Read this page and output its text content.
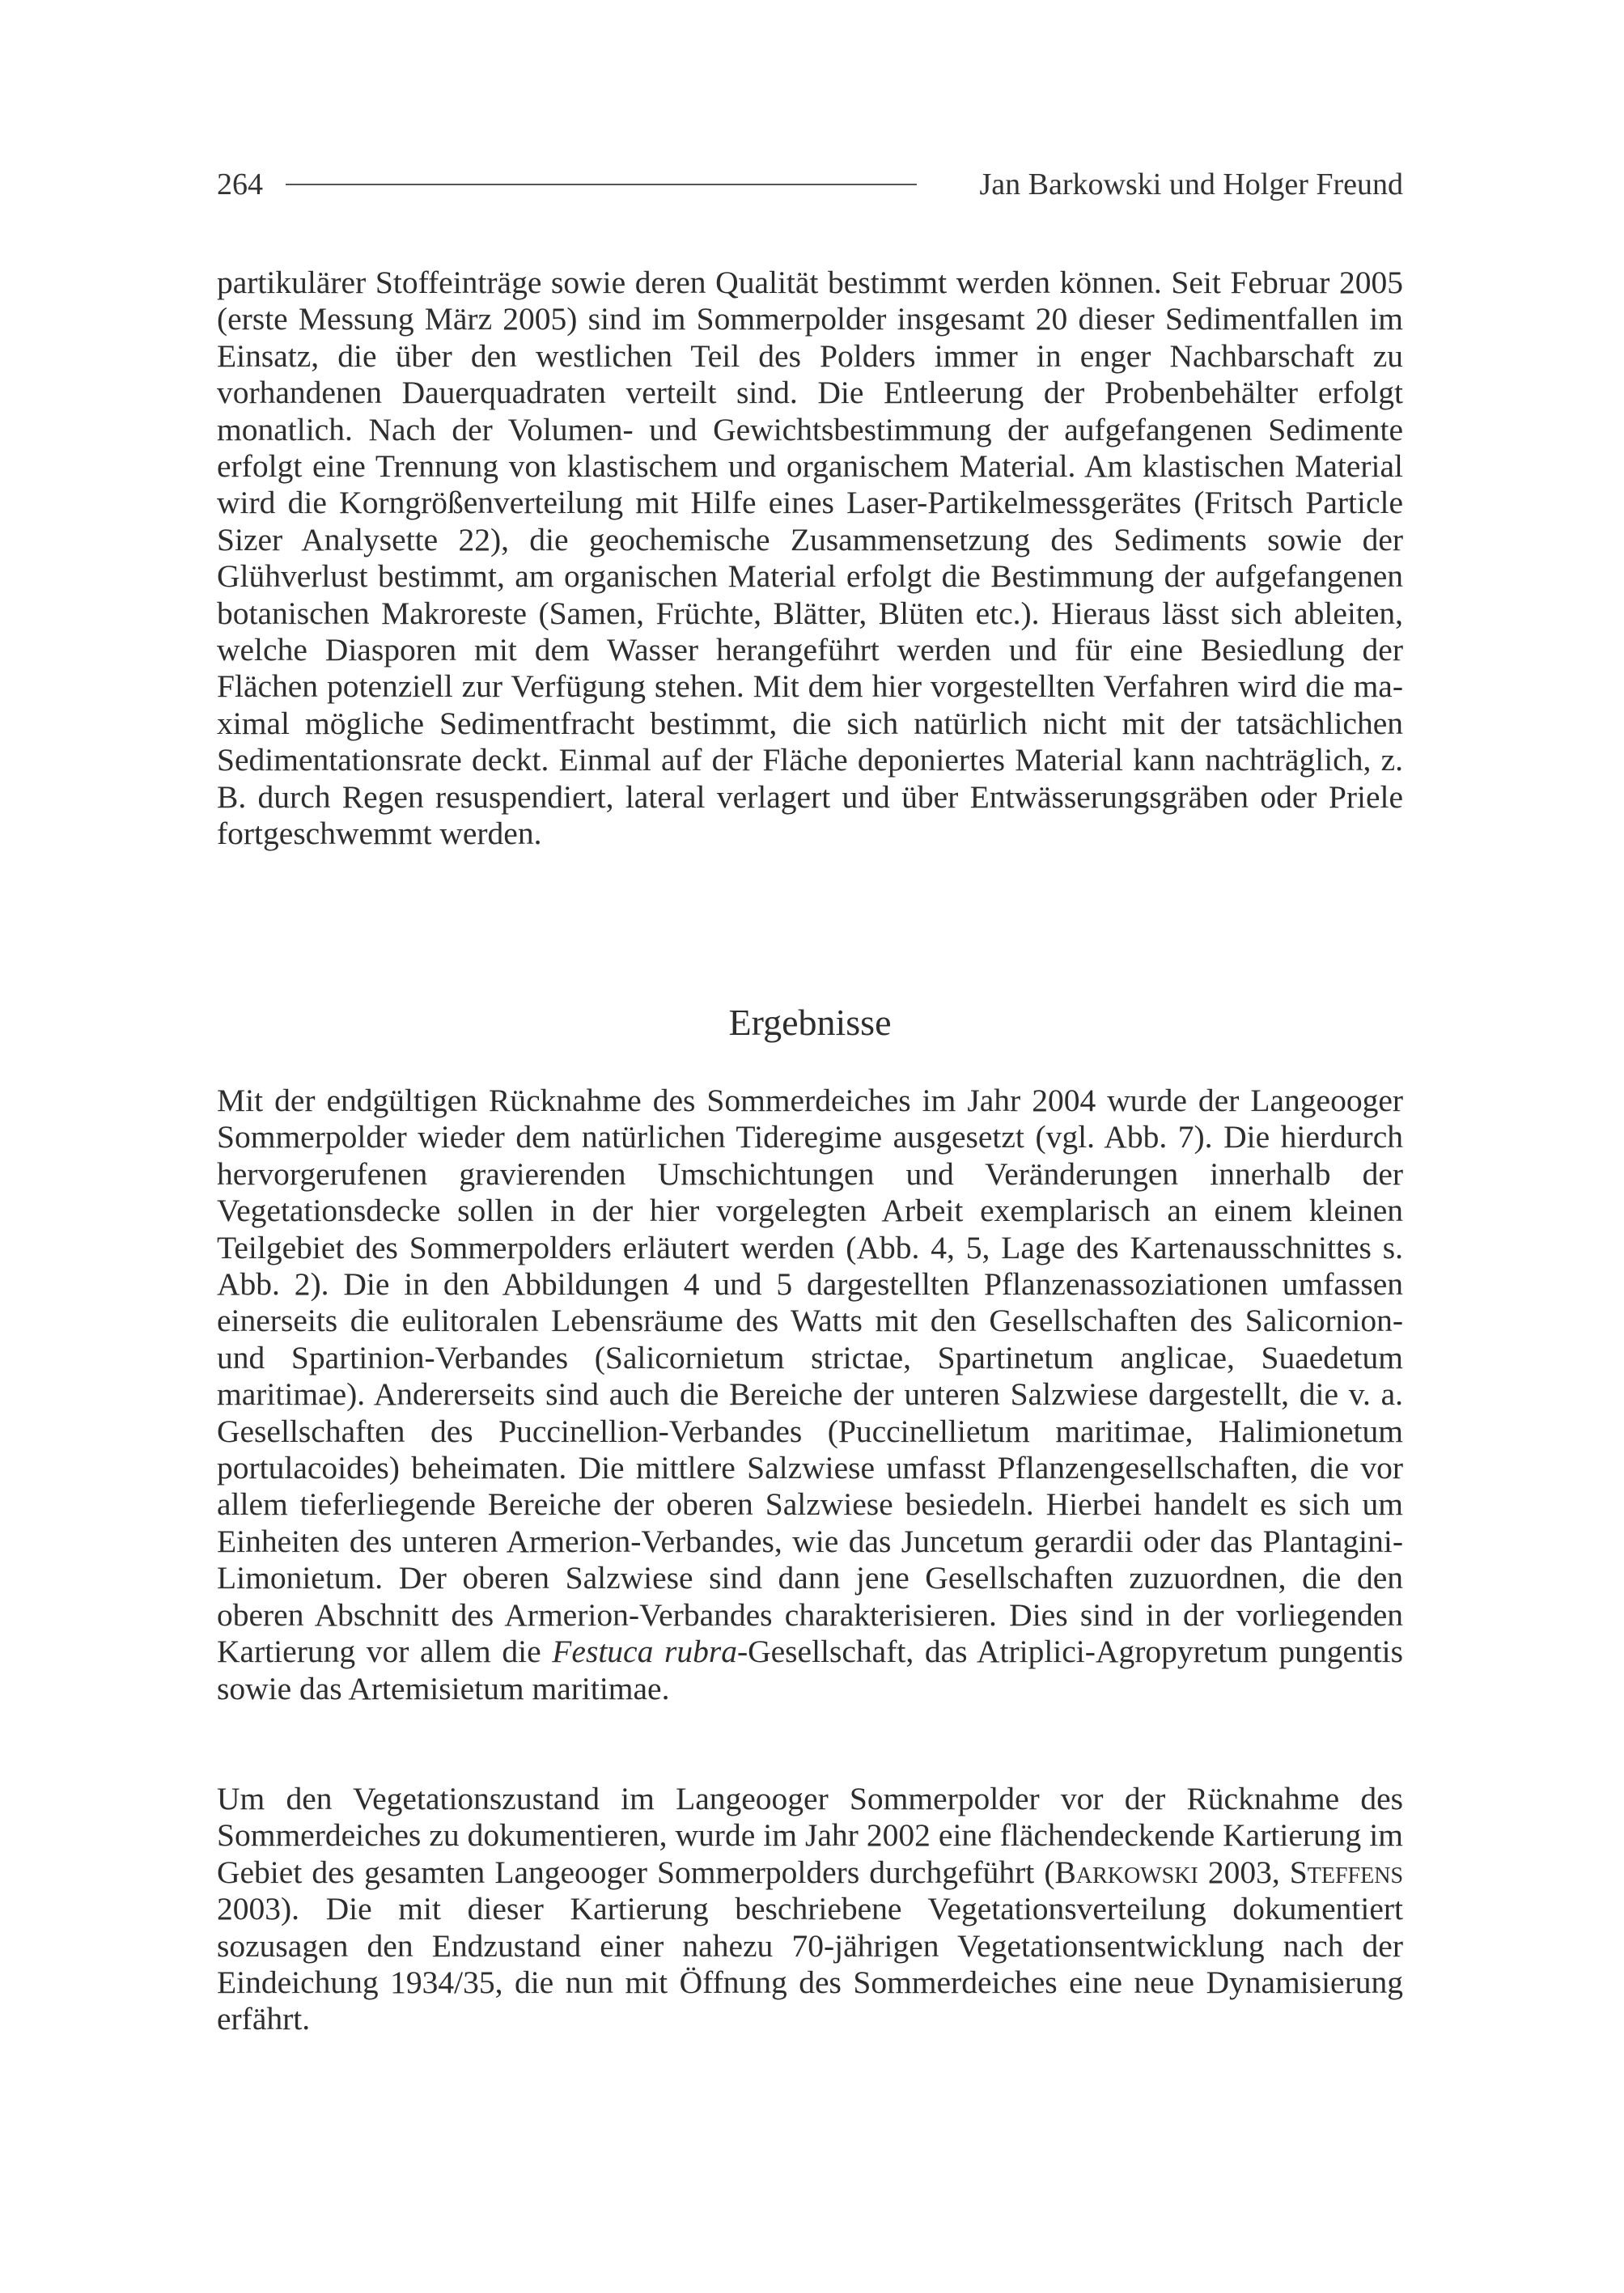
264	Jan Barkowski und Holger Freund

partikulärer Stoffeinträge sowie deren Qualität bestimmt werden können. Seit Februar 2005 (erste Messung März 2005) sind im Sommerpolder insgesamt 20 dieser Sedimentfallen im Einsatz, die über den westlichen Teil des Polders immer in enger Nachbarschaft zu vorhandenen Dauerquadraten verteilt sind. Die Entleerung der Probenbehälter erfolgt monatlich. Nach der Volumen- und Gewichtsbestimmung der aufgefangenen Sedimente erfolgt eine Trennung von klastischem und organischem Material. Am klastischen Material wird die Korngrößenverteilung mit Hilfe eines Laser-Partikelmessgerätes (Fritsch Particle Sizer Analysette 22), die geochemische Zusammensetzung des Sediments sowie der Glühverlust bestimmt, am organischen Material erfolgt die Bestimmung der aufgefangenen botanischen Makroreste (Samen, Früchte, Blätter, Blüten etc.). Hieraus lässt sich ableiten, welche Diasporen mit dem Wasser herangeführt werden und für eine Besiedlung der Flächen potenziell zur Verfügung stehen. Mit dem hier vorgestellten Verfahren wird die maximal mögliche Sedimentfracht bestimmt, die sich natürlich nicht mit der tatsächlichen Sedimentationsrate deckt. Einmal auf der Fläche deponiertes Material kann nachträglich, z. B. durch Regen resuspendiert, lateral verlagert und über Entwässerungsgräben oder Priele fortgeschwemmt werden.

Ergebnisse

Mit der endgültigen Rücknahme des Sommerdeiches im Jahr 2004 wurde der Langeooger Sommerpolder wieder dem natürlichen Tideregime ausgesetzt (vgl. Abb. 7). Die hierdurch hervorgerufenen gravierenden Umschichtungen und Veränderungen innerhalb der Vegetationsdecke sollen in der hier vorgelegten Arbeit exemplarisch an einem kleinen Teilgebiet des Sommerpolders erläutert werden (Abb. 4, 5, Lage des Kartenausschnittes s. Abb. 2). Die in den Abbildungen 4 und 5 dargestellten Pflanzenassoziationen umfassen einerseits die eulitoralen Lebensräume des Watts mit den Gesellschaften des Salicornion- und Spartinion-Verbandes (Salicornietum strictae, Spartinetum anglicae, Suaedetum maritimae). Andererseits sind auch die Bereiche der unteren Salzwiese dargestellt, die v. a. Gesellschaften des Puccinellion-Verbandes (Puccinellietum maritimae, Halimionetum portulacoides) beheimaten. Die mittlere Salzwiese umfasst Pflanzengesellschaften, die vor allem tieferliegende Bereiche der oberen Salzwiese besiedeln. Hierbei handelt es sich um Einheiten des unteren Armerion-Verbandes, wie das Juncetum gerardii oder das Plantagini-Limonietum. Der oberen Salzwiese sind dann jene Gesellschaften zuzuordnen, die den oberen Abschnitt des Armerion-Verbandes charakterisieren. Dies sind in der vorliegenden Kartierung vor allem die Festuca rubra-Gesellschaft, das Atriplici-Agropyretum pungentis sowie das Artemisietum maritimae.

Um den Vegetationszustand im Langeooger Sommerpolder vor der Rücknahme des Sommerdeiches zu dokumentieren, wurde im Jahr 2002 eine flächendeckende Kartierung im Gebiet des gesamten Langeooger Sommerpolders durchgeführt (Barkowski 2003, Steffens 2003). Die mit dieser Kartierung beschriebene Vegetationsverteilung dokumentiert sozusagen den Endzustand einer nahezu 70-jährigen Vegetationsentwicklung nach der Eindeichung 1934/35, die nun mit Öffnung des Sommerdeiches eine neue Dynamisierung erfährt.
